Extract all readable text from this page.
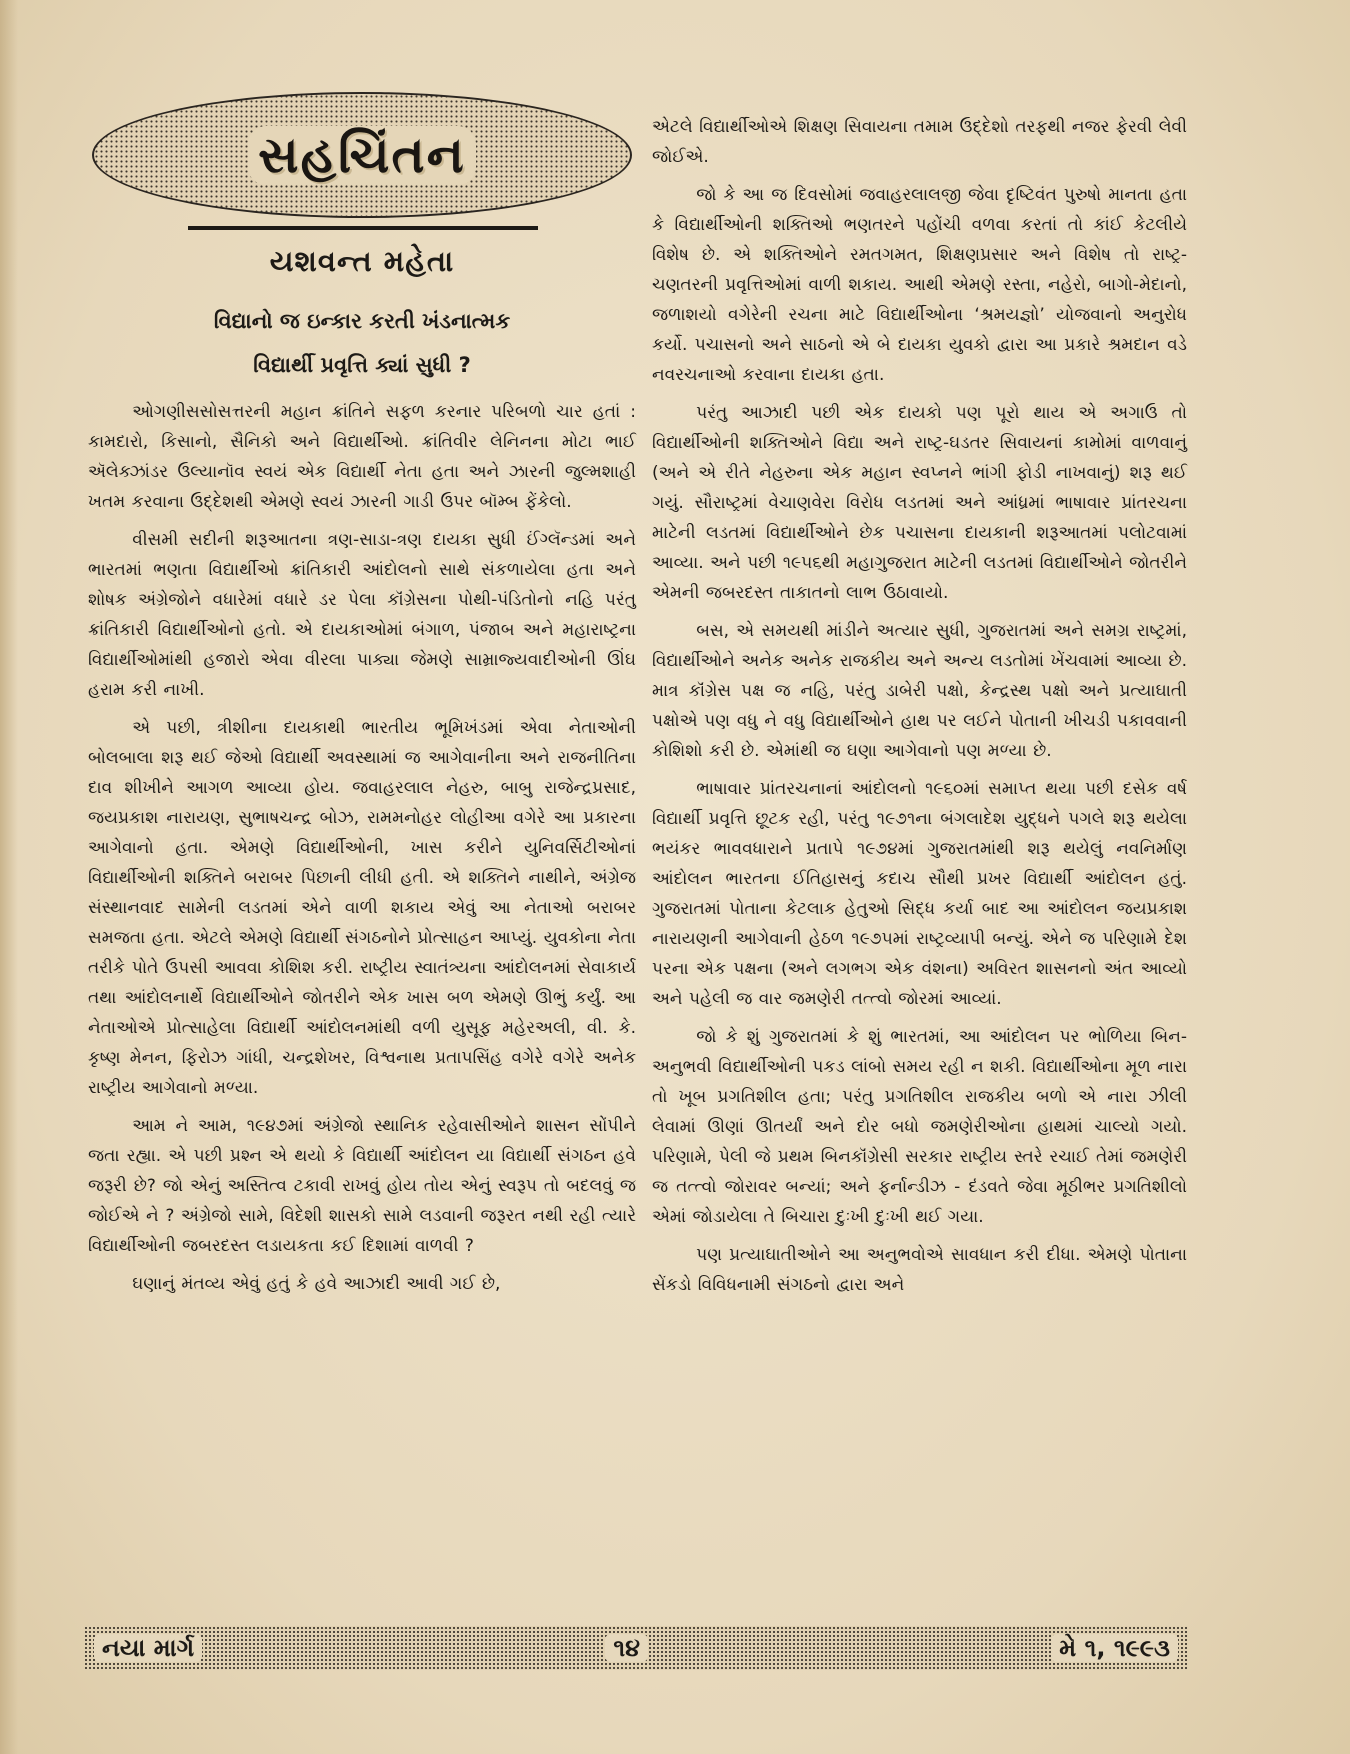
સહચિંતન
યશવન્ત મહેતા
વિદ્યાનો જ ઇન્કાર કરતી ખંડનાત્મક
વિદ્યાર્થી પ્રવૃત્તિ ક્યાં સુધી ?

ઓગણીસસોસત્તરની મહાન ક્રાંતિને સફળ કરનાર પરિબળો ચાર હતાં : કામદારો, કિસાનો, સૈનિકો અને વિદ્યાર્થીઓ. ક્રાંતિવીર લેનિનના મોટા ભાઈ ઍલેક્ઝાંડર ઉલ્યાનૉવ સ્વયં એક વિદ્યાર્થી નેતા હતા અને ઝારની જુલ્મશાહી ખતમ કરવાના ઉદ્દેશથી એમણે સ્વયં ઝારની ગાડી ઉપર બૉમ્બ ફેંકેલો.

વીસમી સદીની શરૂઆતના ત્રણ-સાડા-ત્રણ દાયકા સુધી ઈંગ્લૅન્ડમાં અને ભારતમાં ભણતા વિદ્યાર્થીઓ ક્રાંતિકારી આંદોલનો સાથે સંકળાયેલા હતા અને શોષક અંગ્રેજોને વધારેમાં વધારે ડર પેલા કૉંગ્રેસના પોથી-પંડિતોનો નહિ પરંતુ ક્રાંતિકારી વિદ્યાર્થીઓનો હતો. એ દાયકાઓમાં બંગાળ, પંજાબ અને મહારાષ્ટ્રના વિદ્યાર્થીઓમાંથી હજારો એવા વીરલા પાક્યા જેમણે સામ્રાજ્યવાદીઓની ઊંઘ હરામ કરી નાખી.

એ પછી, ત્રીશીના દાયકાથી ભારતીય ભૂમિખંડમાં એવા નેતાઓની બોલબાલા શરૂ થઈ જેઓ વિદ્યાર્થી અવસ્થામાં જ આગેવાનીના અને રાજનીતિના દાવ શીખીને આગળ આવ્યા હોય. જવાહરલાલ નેહરુ, બાબુ રાજેન્દ્રપ્રસાદ, જયપ્રકાશ નારાયણ, સુભાષચન્દ્ર બોઝ, રામમનોહર લોહીઆ વગેરે આ પ્રકારના આગેવાનો હતા. એમણે વિદ્યાર્થીઓની, ખાસ કરીને યુનિવર્સિટીઓનાં વિદ્યાર્થીઓની શક્તિને બરાબર પિછાની લીધી હતી. એ શક્તિને નાથીને, અંગ્રેજ સંસ્થાનવાદ સામેની લડતમાં એને વાળી શકાય એવું આ નેતાઓ બરાબર સમજતા હતા. એટલે એમણે વિદ્યાર્થી સંગઠનોને પ્રોત્સાહન આપ્યું. યુવકોના નેતા તરીકે પોતે ઉપસી આવવા કોશિશ કરી. રાષ્ટ્રીય સ્વાતંત્ર્યના આંદોલનમાં સેવાકાર્ય તથા આંદોલનાર્થે વિદ્યાર્થીઓને જોતરીને એક ખાસ બળ એમણે ઊભું કર્યું. આ નેતાઓએ પ્રોત્સાહેલા વિદ્યાર્થી આંદોલનમાંથી વળી યુસૂફ મહેરઅલી, વી. કે. કૃષ્ણ મેનન, ફિરોઝ ગાંધી, ચન્દ્રશેખર, વિશ્વનાથ પ્રતાપસિંહ વગેરે વગેરે અનેક રાષ્ટ્રીય આગેવાનો મળ્યા.

આમ ને આમ, ૧૯૪૭માં અંગ્રેજો સ્થાનિક રહેવાસીઓને શાસન સોંપીને જતા રહ્યા. એ પછી પ્રશ્ન એ થયો કે વિદ્યાર્થી આંદોલન યા વિદ્યાર્થી સંગઠન હવે જરૂરી છે? જો એનું અસ્તિત્વ ટકાવી રાખવું હોય તોય એનું સ્વરૂપ તો બદલવું જ જોઈએ ને ? અંગ્રેજો સામે, વિદેશી શાસકો સામે લડવાની જરૂરત નથી રહી ત્યારે વિદ્યાર્થીઓની જબરદસ્ત લડાયકતા કઈ દિશામાં વાળવી ?

ઘણાનું મંતવ્ય એવું હતું કે હવે આઝાદી આવી ગઈ છે,

એટલે વિદ્યાર્થીઓએ શિક્ષણ સિવાયના તમામ ઉદ્દેશો તરફથી નજર ફેરવી લેવી જોઈએ.

જો કે આ જ દિવસોમાં જવાહરલાલજી જેવા દૃષ્ટિવંત પુરુષો માનતા હતા કે વિદ્યાર્થીઓની શક્તિઓ ભણતરને પહોંચી વળવા કરતાં તો કાંઈ કેટલીયે વિશેષ છે. એ શક્તિઓને રમતગમત, શિક્ષણપ્રસાર અને વિશેષ તો રાષ્ટ્ર-ચણતરની પ્રવૃત્તિઓમાં વાળી શકાય. આથી એમણે રસ્તા, નહેરો, બાગો-મેદાનો, જળાશયો વગેરેની રચના માટે વિદ્યાર્થીઓના ‘શ્રમયજ્ઞો’ યોજવાનો અનુરોધ કર્યો. પચાસનો અને સાઠનો એ બે દાયકા યુવકો દ્વારા આ પ્રકારે શ્રમદાન વડે નવરચનાઓ કરવાના દાયકા હતા.

પરંતુ આઝાદી પછી એક દાયકો પણ પૂરો થાય એ અગાઉ તો વિદ્યાર્થીઓની શક્તિઓને વિદ્યા અને રાષ્ટ્ર-ઘડતર સિવાયનાં કામોમાં વાળવાનું (અને એ રીતે નેહરુના એક મહાન સ્વપ્નને ભાંગી ફોડી નાખવાનું) શરૂ થઈ ગયું. સૌરાષ્ટ્રમાં વેચાણવેરા વિરોધ લડતમાં અને આંધ્રમાં ભાષાવાર પ્રાંતરચના માટેની લડતમાં વિદ્યાર્થીઓને છેક પચાસના દાયકાની શરૂઆતમાં પલોટવામાં આવ્યા. અને પછી ૧૯૫૬થી મહાગુજરાત માટેની લડતમાં વિદ્યાર્થીઓને જોતરીને એમની જબરદસ્ત તાકાતનો લાભ ઉઠાવાયો.

બસ, એ સમયથી માંડીને અત્યાર સુધી, ગુજરાતમાં અને સમગ્ર રાષ્ટ્રમાં, વિદ્યાર્થીઓને અનેક અનેક રાજકીય અને અન્ય લડતોમાં ખેંચવામાં આવ્યા છે. માત્ર કૉંગ્રેસ પક્ષ જ નહિ, પરંતુ ડાબેરી પક્ષો, કેન્દ્રસ્થ પક્ષો અને પ્રત્યાઘાતી પક્ષોએ પણ વધુ ને વધુ વિદ્યાર્થીઓને હાથ પર લઈને પોતાની ખીચડી પકાવવાની કોશિશો કરી છે. એમાંથી જ ઘણા આગેવાનો પણ મળ્યા છે.

ભાષાવાર પ્રાંતરચનાનાં આંદોલનો ૧૯૬૦માં સમાપ્ત થયા પછી દસેક વર્ષ વિદ્યાર્થી પ્રવૃત્તિ છૂટક રહી, પરંતુ ૧૯૭૧ના બંગલાદેશ યુદ્ધને પગલે શરૂ થયેલા ભયંકર ભાવવધારાને પ્રતાપે ૧૯૭૪માં ગુજરાતમાંથી શરૂ થયેલું નવનિર્માણ આંદોલન ભારતના ઈતિહાસનું કદાચ સૌથી પ્રખર વિદ્યાર્થી આંદોલન હતું. ગુજરાતમાં પોતાના કેટલાક હેતુઓ સિદ્ધ કર્યા બાદ આ આંદોલન જયપ્રકાશ નારાયણની આગેવાની હેઠળ ૧૯૭૫માં રાષ્ટ્રવ્યાપી બન્યું. એને જ પરિણામે દેશ પરના એક પક્ષના (અને લગભગ એક વંશના) અવિરત શાસનનો અંત આવ્યો અને પહેલી જ વાર જમણેરી તત્ત્વો જોરમાં આવ્યાં.

જો કે શું ગુજરાતમાં કે શું ભારતમાં, આ આંદોલન પર ભોળિયા બિન-અનુભવી વિદ્યાર્થીઓની પકડ લાંબો સમય રહી ન શકી. વિદ્યાર્થીઓના મૂળ નારા તો ખૂબ પ્રગતિશીલ હતા; પરંતુ પ્રગતિશીલ રાજકીય બળો એ નારા ઝીલી લેવામાં ઊણાં ઊતર્યાં અને દોર બધો જમણેરીઓના હાથમાં ચાલ્યો ગયો. પરિણામે, પેલી જે પ્રથમ બિનકૉંગ્રેસી સરકાર રાષ્ટ્રીય સ્તરે રચાઈ તેમાં જમણેરી જ તત્ત્વો જોરાવર બન્યાં; અને ફર્નાન્ડીઝ - દંડવતે જેવા મૂઠીભર પ્રગતિશીલો એમાં જોડાયેલા તે બિચારા દુઃખી દુઃખી થઈ ગયા.

પણ પ્રત્યાઘાતીઓને આ અનુભવોએ સાવધાન કરી દીધા. એમણે પોતાના સેંકડો વિવિધનામી સંગઠનો દ્વારા અને

નયા માર્ગ	૧૪	મે ૧, ૧૯૯૩
